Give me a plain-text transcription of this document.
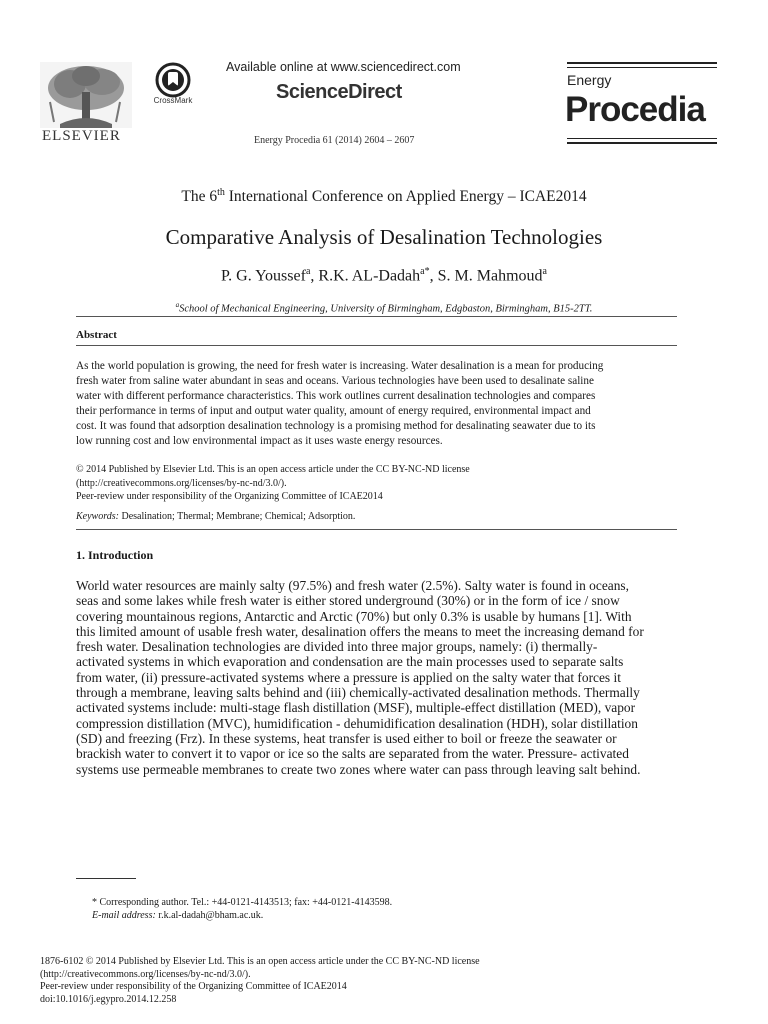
ELSEVIER
CrossMark
Available online at www.sciencedirect.com
ScienceDirect
Energy Procedia 61 (2014) 2604 – 2607
Energy
Procedia
The 6th International Conference on Applied Energy – ICAE2014
Comparative Analysis of Desalination Technologies
P. G. Youssef$^a$, R.K. AL-Dadah$^{a*}$, S. M. Mahmoud$^a$
$^a$School of Mechanical Engineering, University of Birmingham, Edgbaston, Birmingham, B15-2TT.
Abstract
As the world population is growing, the need for fresh water is increasing. Water desalination is a mean for producing
fresh water from saline water abundant in seas and oceans. Various technologies have been used to desalinate saline
water with different performance characteristics. This work outlines current desalination technologies and compares
their performance in terms of input and output water quality, amount of energy required, environmental impact and
cost. It was found that adsorption desalination technology is a promising method for desalinating seawater due to its
low running cost and low environmental impact as it uses waste energy resources.
© 2014 Published by Elsevier Ltd. This is an open access article under the CC BY-NC-ND license
(http://creativecommons.org/licenses/by-nc-nd/3.0/).
Peer-review under responsibility of the Organizing Committee of ICAE2014
Keywords: Desalination; Thermal; Membrane; Chemical; Adsorption.
1. Introduction
World water resources are mainly salty (97.5%) and fresh water (2.5%). Salty water is found in oceans,
seas and some lakes while fresh water is either stored underground (30%) or in the form of ice / snow
covering mountainous regions, Antarctic and Arctic (70%) but only 0.3% is usable by humans [1]. With
this limited amount of usable fresh water, desalination offers the means to meet the increasing demand for
fresh water. Desalination technologies are divided into three major groups, namely: (i) thermally-
activated systems in which evaporation and condensation are the main processes used to separate salts
from water, (ii) pressure-activated systems where a pressure is applied on the salty water that forces it
through a membrane, leaving salts behind and (iii) chemically-activated desalination methods. Thermally
activated systems include: multi-stage flash distillation (MSF), multiple-effect distillation (MED), vapor
compression distillation (MVC), humidification - dehumidification desalination (HDH), solar distillation
(SD) and freezing (Frz). In these systems, heat transfer is used either to boil or freeze the seawater or
brackish water to convert it to vapor or ice so the salts are separated from the water. Pressure- activated
systems use permeable membranes to create two zones where water can pass through leaving salt behind.
* Corresponding author. Tel.: +44-0121-4143513; fax: +44-0121-4143598.
E-mail address: r.k.al-dadah@bham.ac.uk.
1876-6102 © 2014 Published by Elsevier Ltd. This is an open access article under the CC BY-NC-ND license
(http://creativecommons.org/licenses/by-nc-nd/3.0/).
Peer-review under responsibility of the Organizing Committee of ICAE2014
doi:10.1016/j.egypro.2014.12.258
